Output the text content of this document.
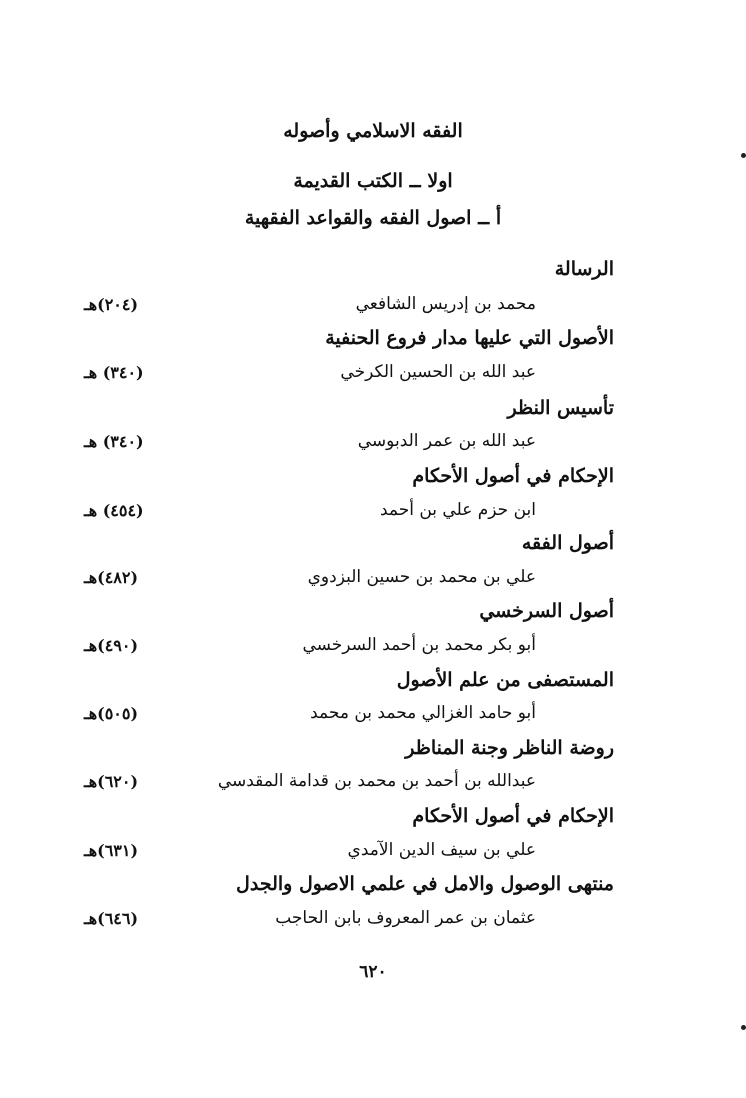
الفقه الاسلامي وأصوله
اولا ــ الكتب القديمة
أ ــ اصول الفقه والقواعد الفقهية
الرسالة
محمد بن إدريس الشافعي
(٢٠٤)هـ
الأصول التي عليها مدار فروع الحنفية
عبد الله بن الحسين الكرخي
(٣٤٠) هـ
تأسيس النظر
عبد الله بن عمر الدبوسي
(٣٤٠) هـ
الإحكام في أصول الأحكام
ابن حزم علي بن أحمد
(٤٥٤) هـ
أصول الفقه
علي بن محمد بن حسين البزدوي
(٤٨٢)هـ
أصول السرخسي
أبو بكر محمد بن أحمد السرخسي
(٤٩٠)هـ
المستصفى من علم الأصول
أبو حامد الغزالي محمد بن محمد
(٥٠٥)هـ
روضة الناظر وجنة المناظر
عبدالله بن أحمد بن محمد بن قدامة المقدسي
(٦٢٠)هـ
الإحكام في أصول الأحكام
علي بن سيف الدين الآمدي
(٦٣١)هـ
منتهى الوصول والامل في علمي الاصول والجدل
عثمان بن عمر المعروف بابن الحاجب
(٦٤٦)هـ
٦٢٠
